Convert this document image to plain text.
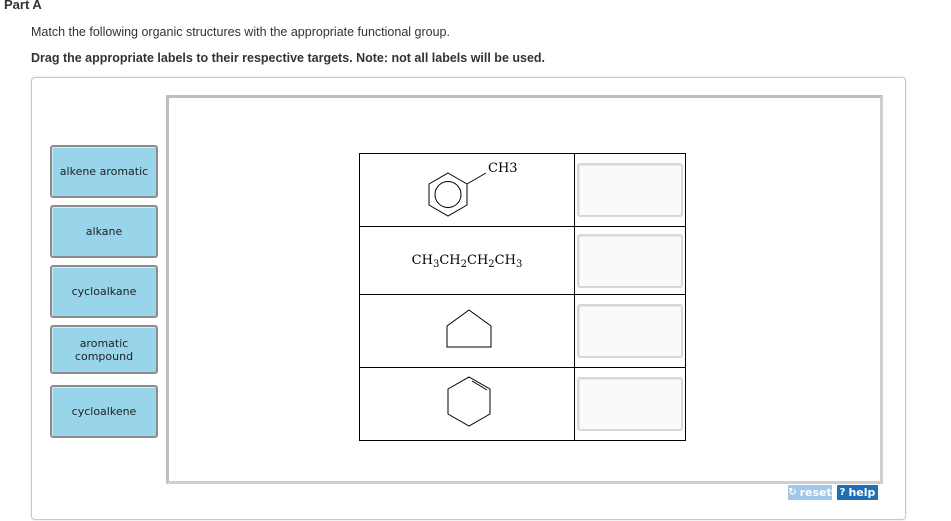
Part A
Match the following organic structures with the appropriate functional group.
Drag the appropriate labels to their respective targets. Note: not all labels will be used.
alkene aromatic
alkane
cycloalkane
aromatic compound
cycloalkene
CH3	

$CH_3CH_2CH_2CH_3$	

↻ reset ? help
